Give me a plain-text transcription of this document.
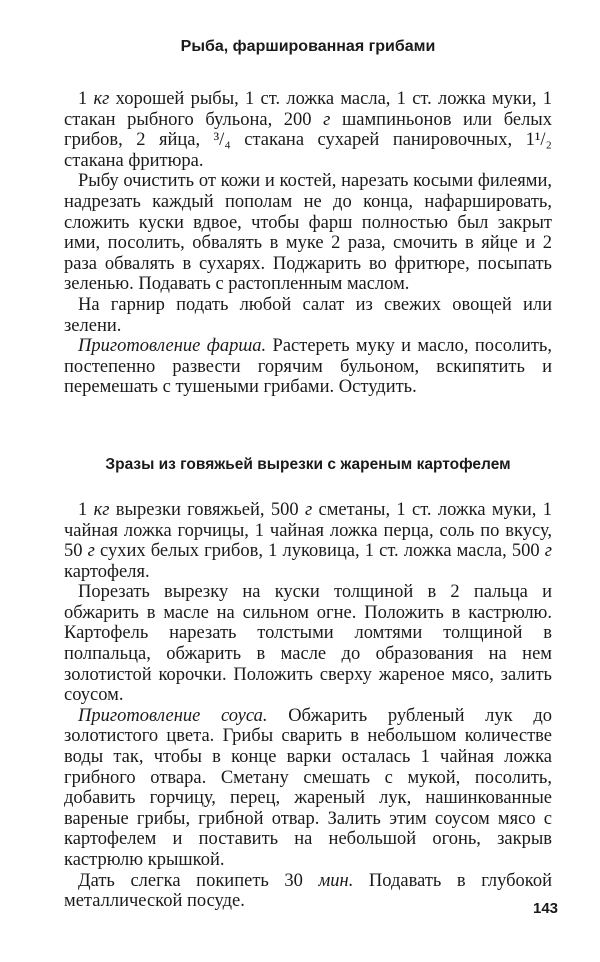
Рыба, фаршированная грибами

1 кг хорошей рыбы, 1 ст. ложка масла, 1 ст. ложка муки, 1 стакан рыбного бульона, 200 г шампиньонов или белых грибов, 2 яйца, ³/₄ стакана сухарей панировочных, 1¹/₂ стакана фритюра.

Рыбу очистить от кожи и костей, нарезать косыми филеями, надрезать каждый пополам не до конца, нафаршировать, сложить куски вдвое, чтобы фарш полностью был закрыт ими, посолить, обвалять в муке 2 раза, смочить в яйце и 2 раза обвалять в сухарях. Поджарить во фритюре, посыпать зеленью. Подавать с растопленным маслом.

На гарнир подать любой салат из свежих овощей или зелени.

Приготовление фарша. Растереть муку и масло, посолить, постепенно развести горячим бульоном, вскипятить и перемешать с тушеными грибами. Остудить.

Зразы из говяжьей вырезки с жареным картофелем

1 кг вырезки говяжьей, 500 г сметаны, 1 ст. ложка муки, 1 чайная ложка горчицы, 1 чайная ложка перца, соль по вкусу, 50 г сухих белых грибов, 1 луковица, 1 ст. ложка масла, 500 г картофеля.

Порезать вырезку на куски толщиной в 2 пальца и обжарить в масле на сильном огне. Положить в кастрюлю. Картофель нарезать толстыми ломтями толщиной в полпальца, обжарить в масле до образования на нем золотистой корочки. Положить сверху жареное мясо, залить соусом.

Приготовление соуса. Обжарить рубленый лук до золотистого цвета. Грибы сварить в небольшом количестве воды так, чтобы в конце варки осталась 1 чайная ложка грибного отвара. Сметану смешать с мукой, посолить, добавить горчицу, перец, жареный лук, нашинкованные вареные грибы, грибной отвар. Залить этим соусом мясо с картофелем и поставить на небольшой огонь, закрыв кастрюлю крышкой.

Дать слегка покипеть 30 мин. Подавать в глубокой металлической посуде.	143
